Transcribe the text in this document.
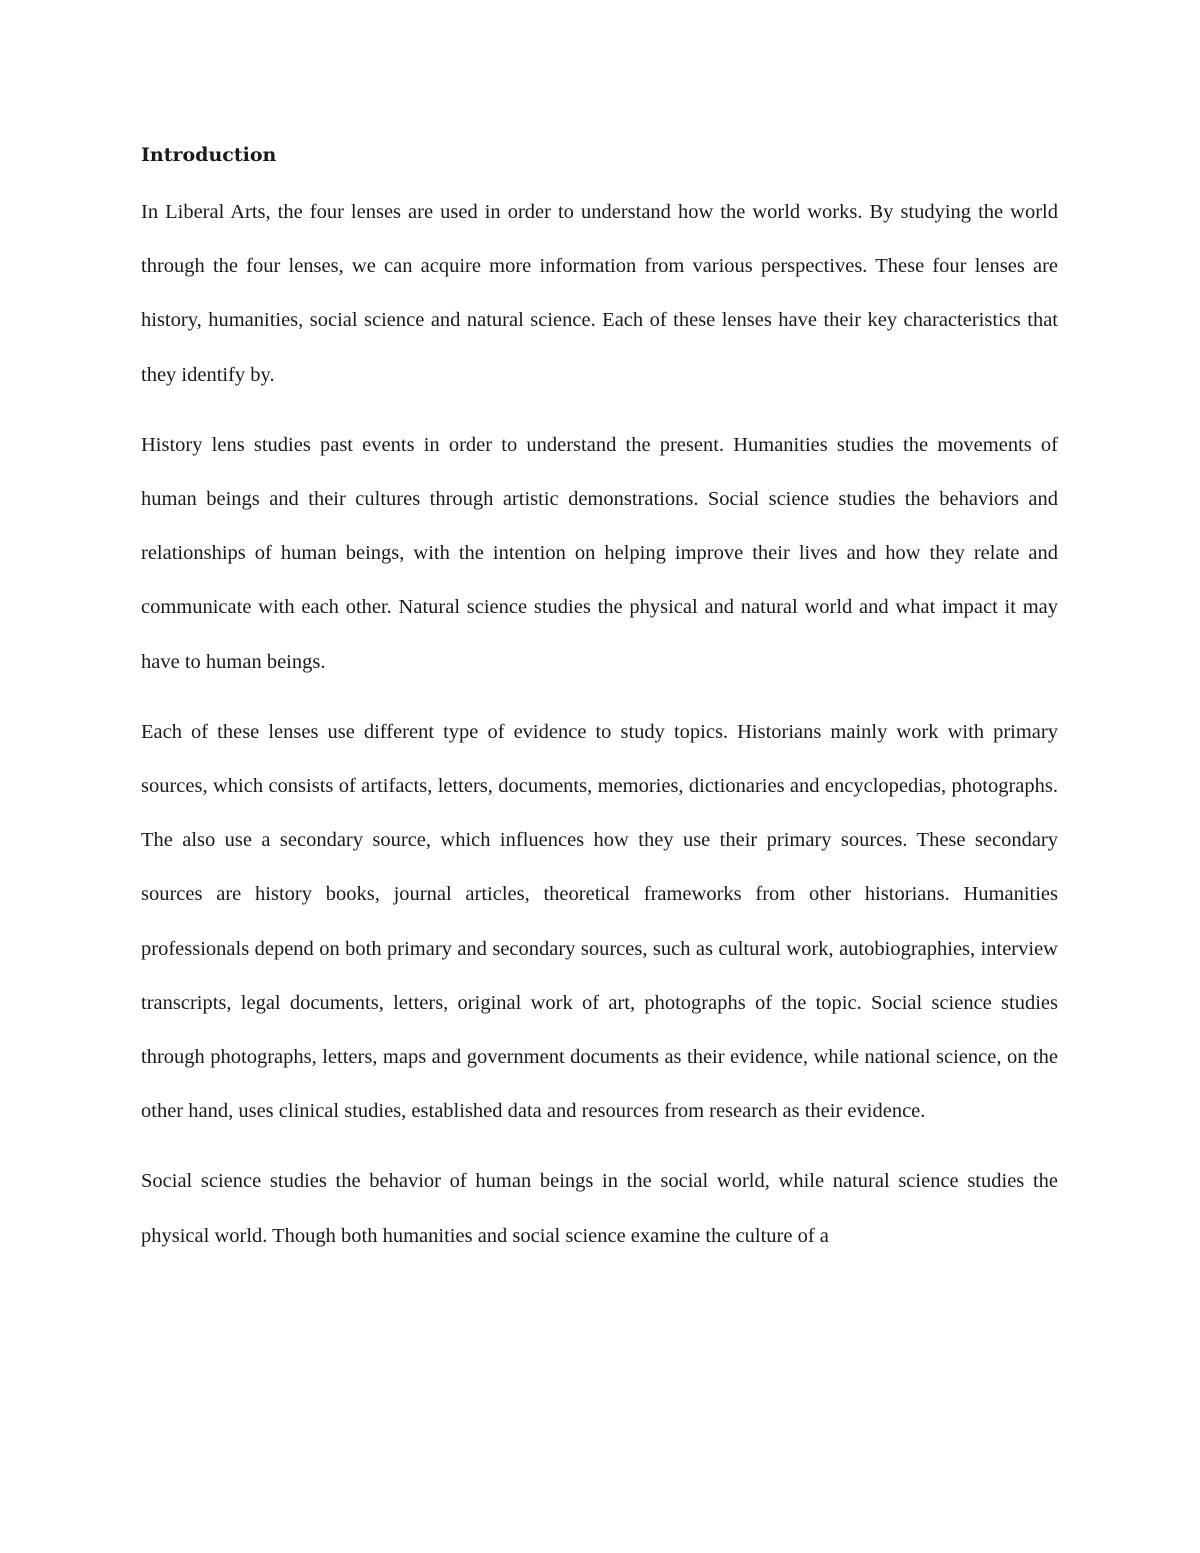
Introduction

In Liberal Arts, the four lenses are used in order to understand how the world works. By studying the world through the four lenses, we can acquire more information from various perspectives. These four lenses are history, humanities, social science and natural science. Each of these lenses have their key characteristics that they identify by.

History lens studies past events in order to understand the present. Humanities studies the movements of human beings and their cultures through artistic demonstrations. Social science studies the behaviors and relationships of human beings, with the intention on helping improve their lives and how they relate and communicate with each other. Natural science studies the physical and natural world and what impact it may have to human beings.

Each of these lenses use different type of evidence to study topics. Historians mainly work with primary sources, which consists of artifacts, letters, documents, memories, dictionaries and encyclopedias, photographs. The also use a secondary source, which influences how they use their primary sources. These secondary sources are history books, journal articles, theoretical frameworks from other historians. Humanities professionals depend on both primary and secondary sources, such as cultural work, autobiographies, interview transcripts, legal documents, letters, original work of art, photographs of the topic. Social science studies through photographs, letters, maps and government documents as their evidence, while national science, on the other hand, uses clinical studies, established data and resources from research as their evidence.

Social science studies the behavior of human beings in the social world, while natural science studies the physical world. Though both humanities and social science examine the culture of a
